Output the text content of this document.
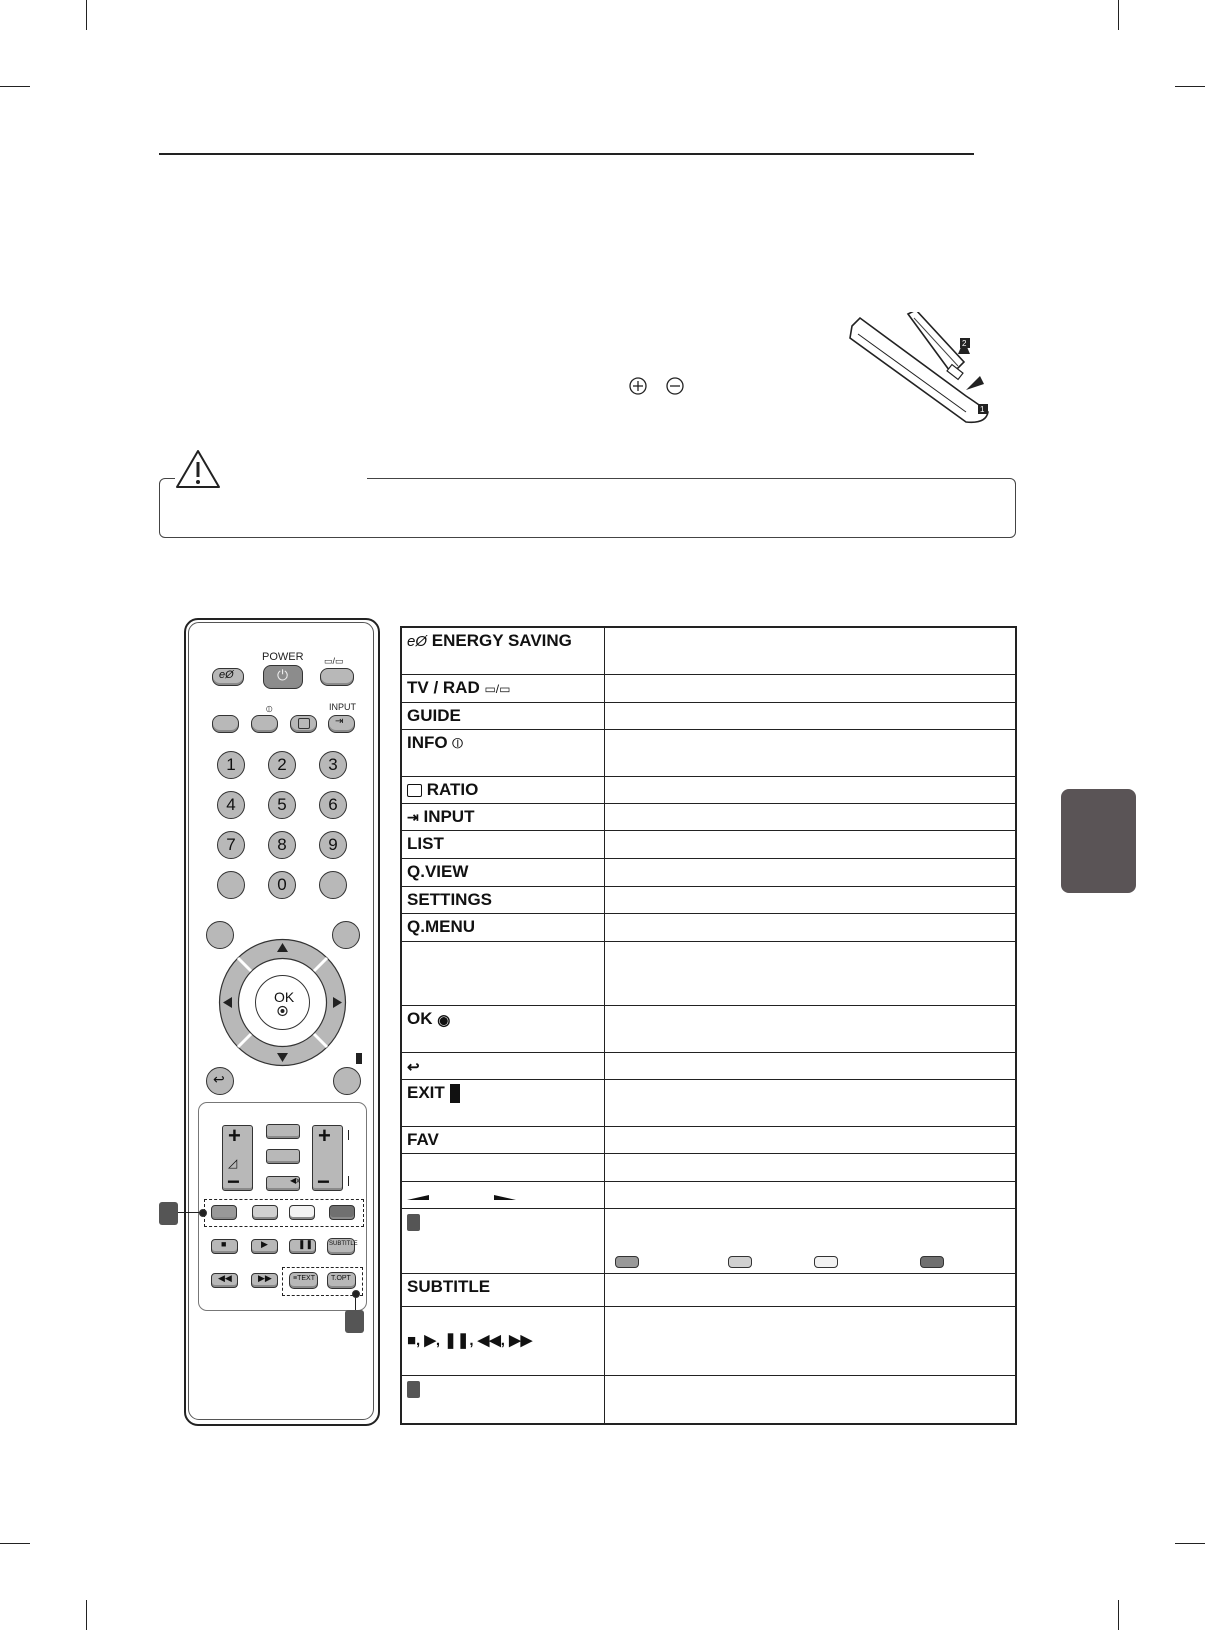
2
1
eØ
POWER
⏻
▭/▭
⦶	INPUT
⇥
1	2	3
4	5	6
7	8	9
0
OK
↩
+
◿
−	◀x
+
−
■	▶	❚❚	SUBTITLE
◀◀	▶▶	≡TEXT T.OPT
eØ ENERGY SAVING
TV / RAD ▭/▭
GUIDE
INFO ⦶
RATIO
⇥ INPUT
LIST
Q.VIEW
SETTINGS
Q.MENU
OK ◉
↩
EXIT
FAV

SUBTITLE
■, ▶, ❚❚, ◀◀, ▶▶
